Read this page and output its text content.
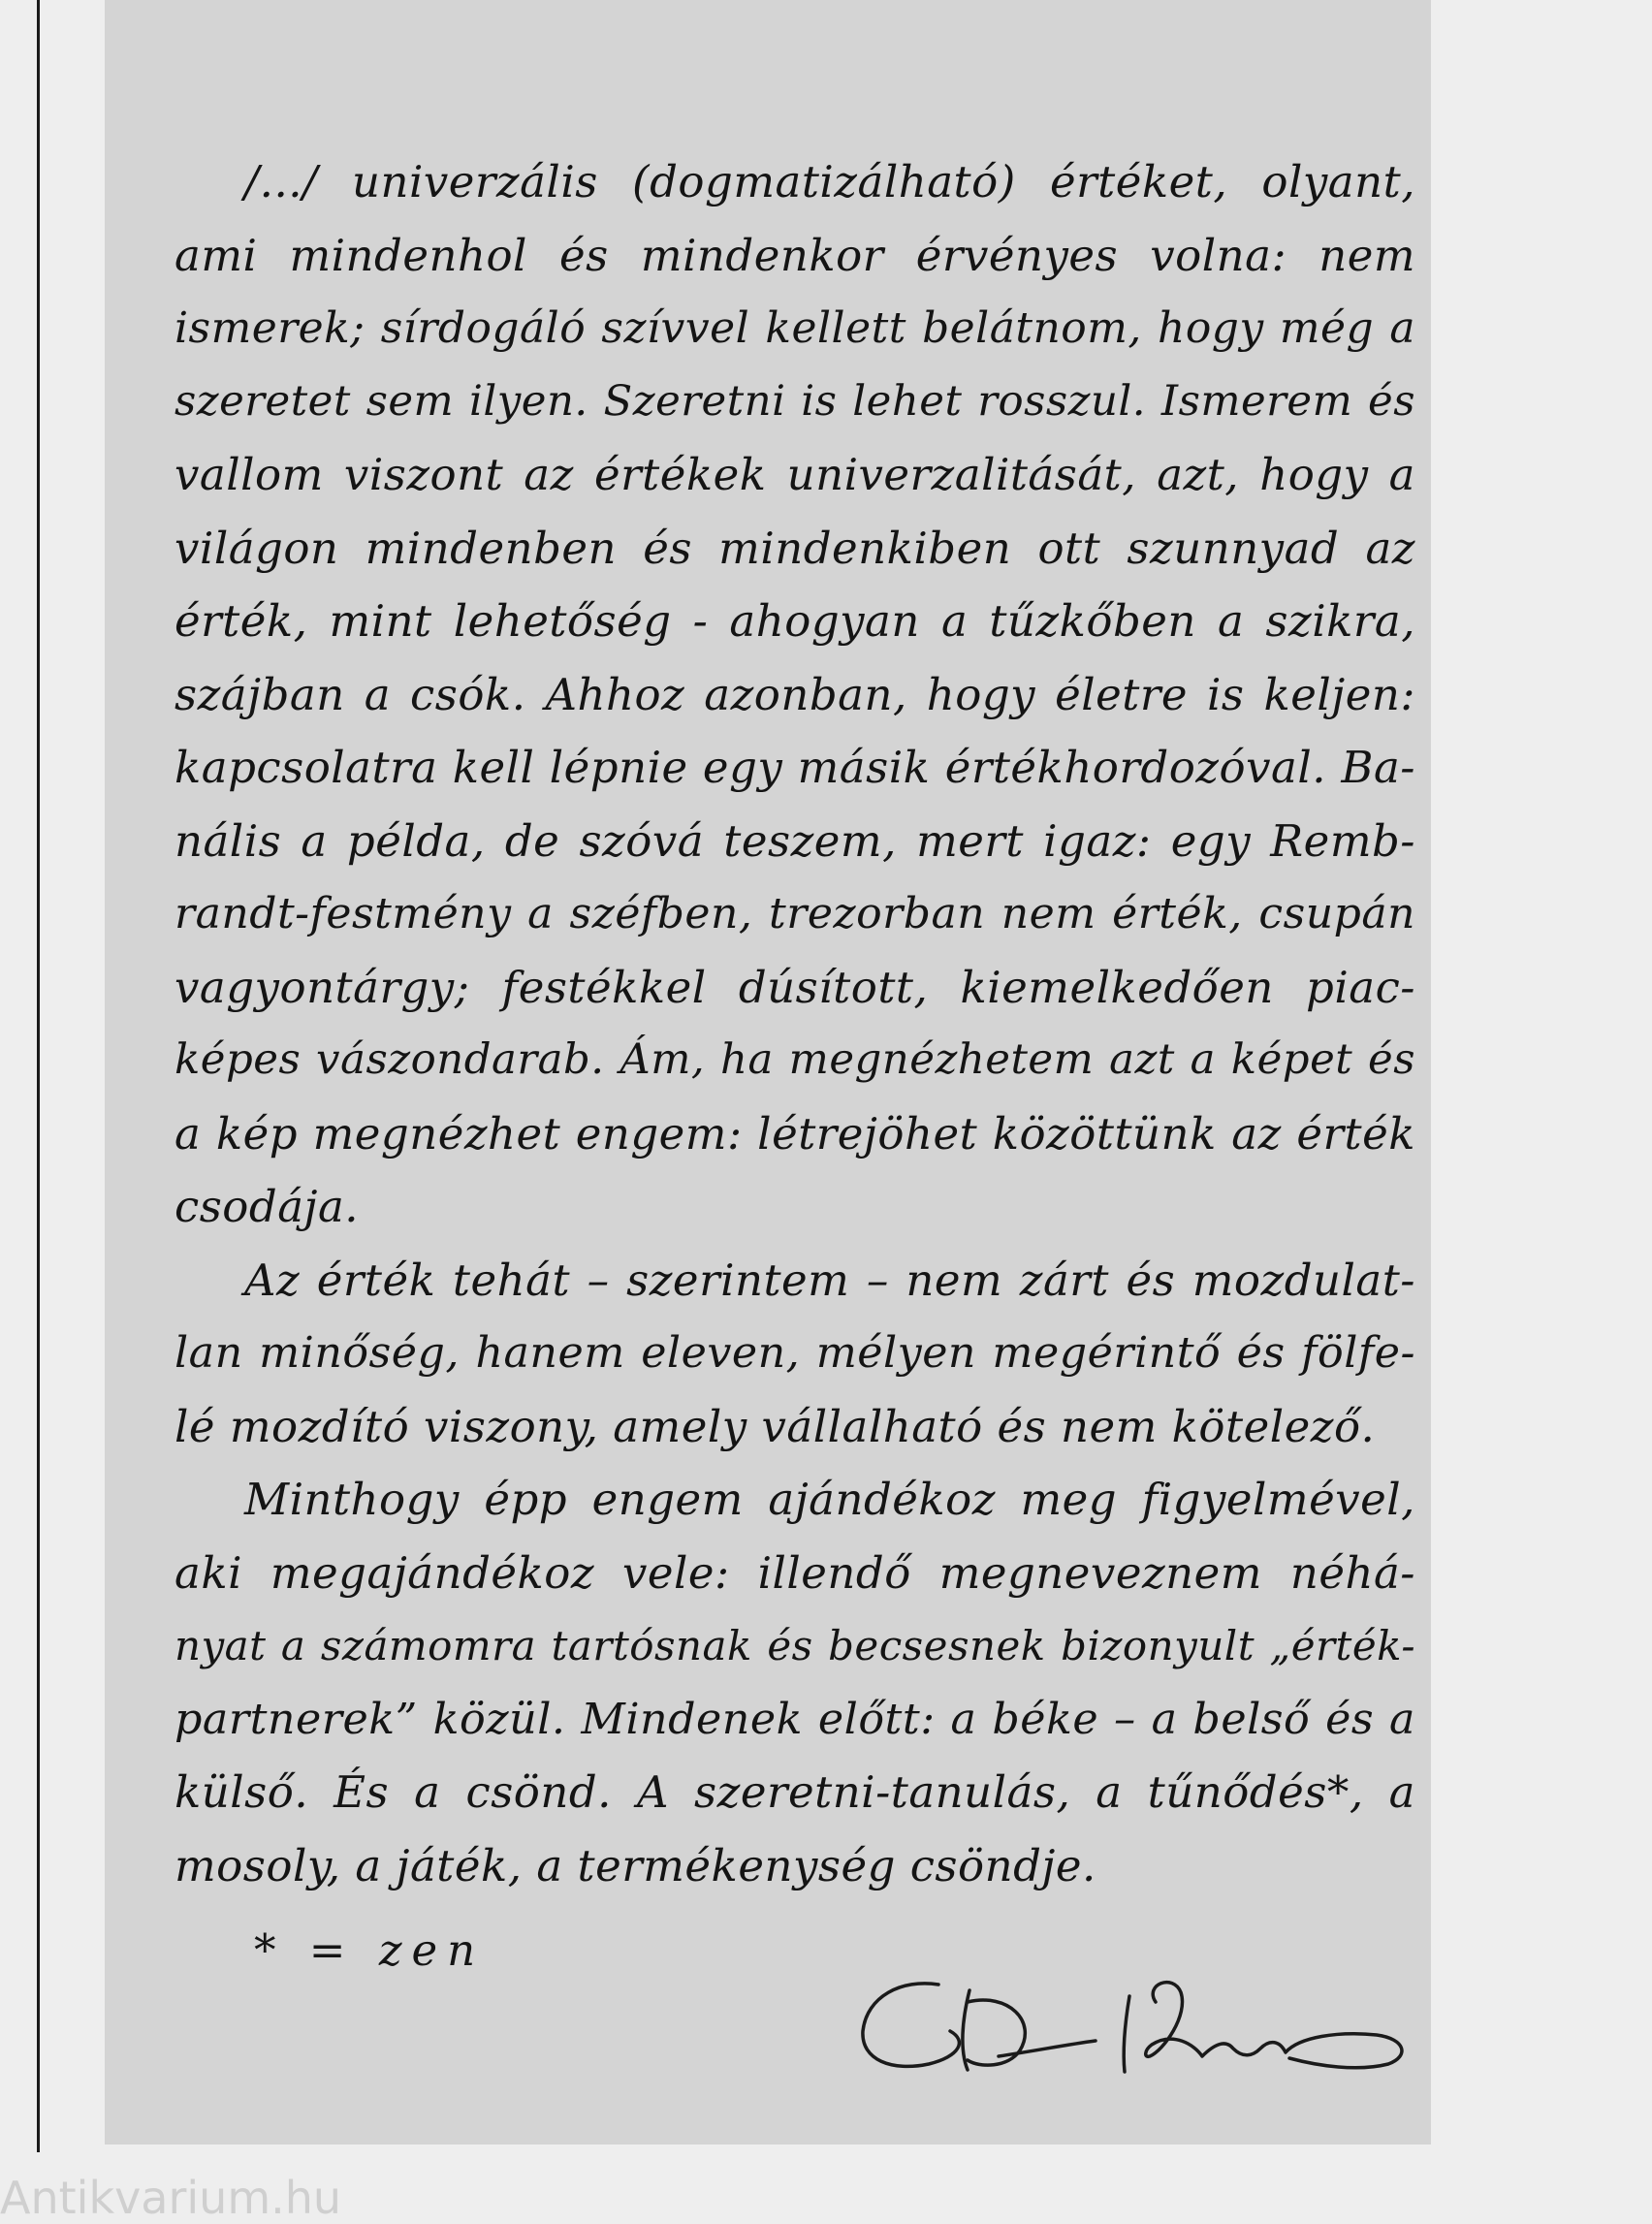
/.../ univerzális (dogmatizálható) értéket, olyant,
ami mindenhol és mindenkor érvényes volna: nem
ismerek; sírdogáló szívvel kellett belátnom, hogy még a
szeretet sem ilyen. Szeretni is lehet rosszul. Ismerem és
vallom viszont az értékek univerzalitását, azt, hogy a
világon mindenben és mindenkiben ott szunnyad az
érték, mint lehetőség - ahogyan a tűzkőben a szikra,
szájban a csók. Ahhoz azonban, hogy életre is keljen:
kapcsolatra kell lépnie egy másik értékhordozóval. Ba-
nális a példa, de szóvá teszem, mert igaz: egy Remb-
randt-festmény a széfben, trezorban nem érték, csupán
vagyontárgy; festékkel dúsított, kiemelkedően piac-
képes vászondarab. Ám, ha megnézhetem azt a képet és
a kép megnézhet engem: létrejöhet közöttünk az érték
csodája.
Az érték tehát – szerintem – nem zárt és mozdulat-
lan minőség, hanem eleven, mélyen megérintő és fölfe-
lé mozdító viszony, amely vállalható és nem kötelező.
Minthogy épp engem ajándékoz meg figyelmével,
aki megajándékoz vele: illendő megneveznem néhá-
nyat a számomra tartósnak és becsesnek bizonyult „érték-
partnerek” közül. Mindenek előtt: a béke – a belső és a
külső. És a csönd. A szeretni-tanulás, a tűnődés*, a
mosoly, a játék, a termékenység csöndje.
* = zen
Antikvarium.hu
